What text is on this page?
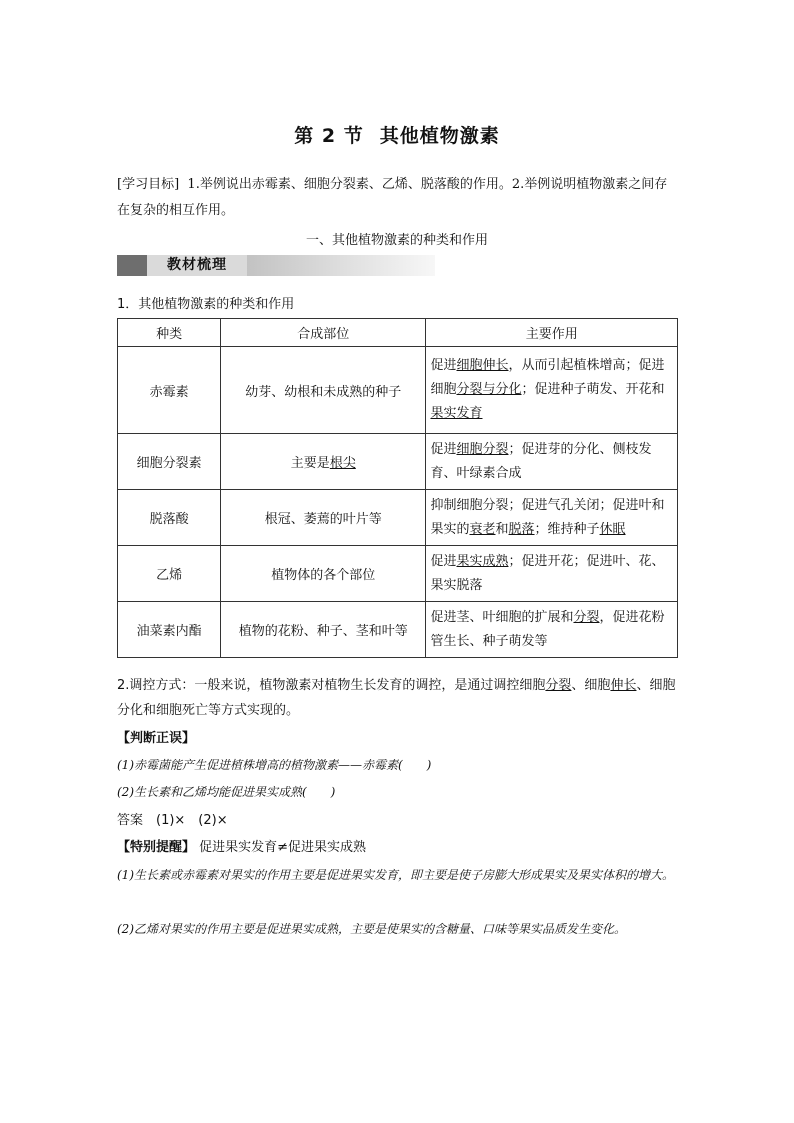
第 2 节 其他植物激素
[学习目标] 1.举例说出赤霉素、细胞分裂素、乙烯、脱落酸的作用。2.举例说明植物激素之间存在复杂的相互作用。
一、其他植物激素的种类和作用
教材梳理
1．其他植物激素的种类和作用
种类	合成部位	主要作用
赤霉素	幼芽、幼根和未成熟的种子	促进细胞伸长，从而引起植株增高；促进细胞分裂与分化；促进种子萌发、开花和果实发育
细胞分裂素	主要是根尖	促进细胞分裂；促进芽的分化、侧枝发育、叶绿素合成
脱落酸	根冠、萎蔫的叶片等	抑制细胞分裂；促进气孔关闭；促进叶和果实的衰老和脱落；维持种子休眠
乙烯	植物体的各个部位	促进果实成熟；促进开花；促进叶、花、果实脱落
油菜素内酯	植物的花粉、种子、茎和叶等	促进茎、叶细胞的扩展和分裂，促进花粉管生长、种子萌发等
2.调控方式：一般来说，植物激素对植物生长发育的调控，是通过调控细胞分裂、细胞伸长、细胞分化和细胞死亡等方式实现的。
【判断正误】
(1)赤霉菌能产生促进植株增高的植物激素——赤霉素(　　)
(2)生长素和乙烯均能促进果实成熟(　　)
答案　(1)×　(2)×
【特别提醒】 促进果实发育≠促进果实成熟
(1)生长素或赤霉素对果实的作用主要是促进果实发育，即主要是使子房膨大形成果实及果实体积的增大。
(2)乙烯对果实的作用主要是促进果实成熟，主要是使果实的含糖量、口味等果实品质发生变化。
